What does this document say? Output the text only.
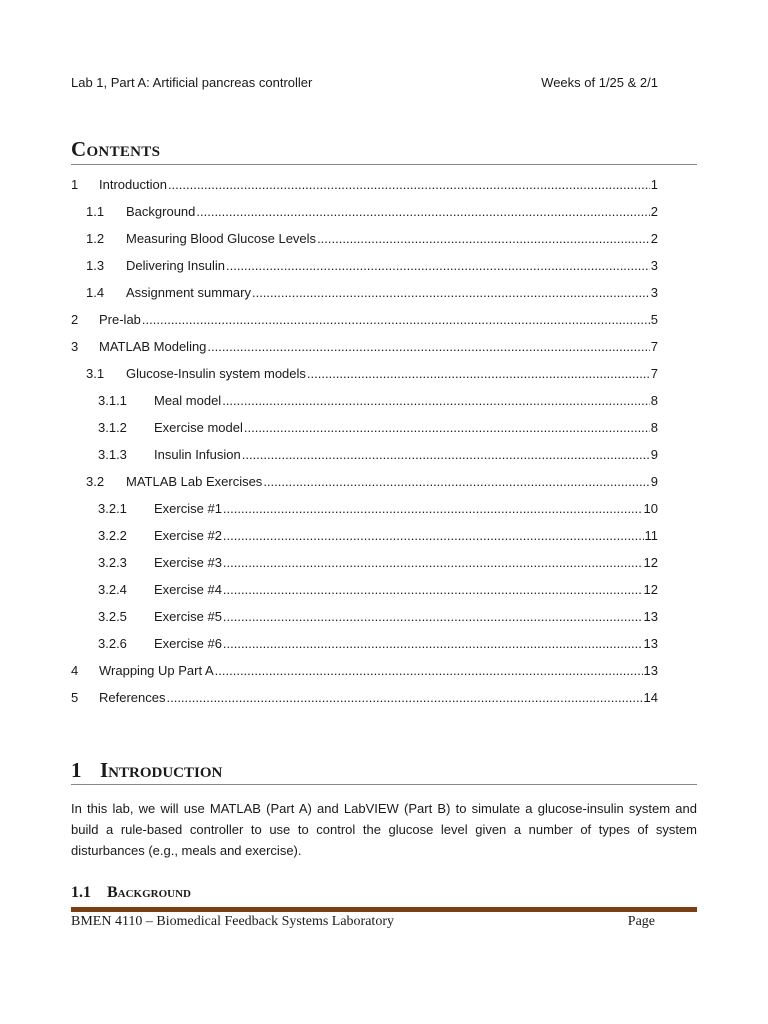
Lab 1, Part A: Artificial pancreas controller	Weeks of 1/25 & 2/1
Contents
1	Introduction .....	1
1.1	Background .....	2
1.2	Measuring Blood Glucose Levels .....	2
1.3	Delivering Insulin .....	3
1.4	Assignment summary .....	3
2	Pre-lab .....	5
3	MATLAB Modeling .....	7
3.1	Glucose-Insulin system models .....	7
3.1.1	Meal model .....	8
3.1.2	Exercise model .....	8
3.1.3	Insulin Infusion .....	9
3.2	MATLAB Lab Exercises .....	9
3.2.1	Exercise #1 .....	10
3.2.2	Exercise #2 .....	11
3.2.3	Exercise #3 .....	12
3.2.4	Exercise #4 .....	12
3.2.5	Exercise #5 .....	13
3.2.6	Exercise #6 .....	13
4	Wrapping Up Part A .....	13
5	References .....	14
1 Introduction
In this lab, we will use MATLAB (Part A) and LabVIEW (Part B) to simulate a glucose-insulin system and build a rule-based controller to use to control the glucose level given a number of types of system disturbances (e.g., meals and exercise).
1.1 Background
BMEN 4110 – Biomedical Feedback Systems Laboratory	Page
